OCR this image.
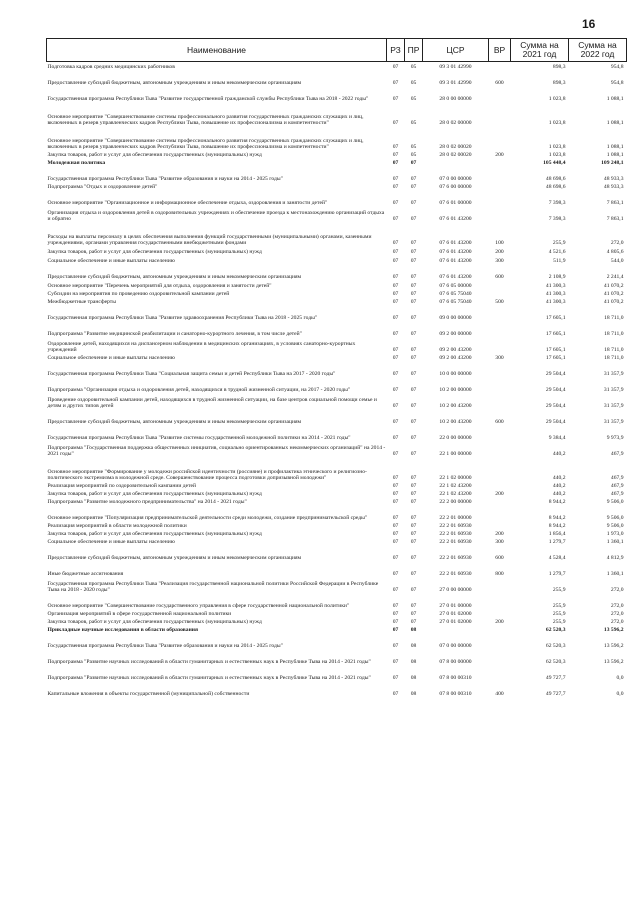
16
Наименование	РЗ	ПР	ЦСР	ВР	Сумма на 2021 год	Сумма на 2022 год
Подготовка кадров средних медицинских работников	07	05	09 3 01 42990		898,3	954,8
Предоставление субсидий бюджетным, автономным учреждениям и иным некоммерческим организациям	07	05	09 3 01 42990	600	898,3	954,8
Государственная программа Республики Тыва "Развитие государственной гражданской службы Республики Тыва на 2018 - 2022 годы"	07	05	28 0 00 00000		1 023,8	1 088,1
Основное мероприятие "Совершенствование системы профессионального развития государственных гражданских служащих и лиц, включенных в резерв управленческих кадров Республики Тыва, повышение их профессионализма и компетентности"	07	05	28 0 02 00000		1 023,8	1 088,1
Основное мероприятие "Совершенствование системы профессионального развития государственных гражданских служащих и лиц, включенных в резерв управленческих кадров Республики Тыва, повышение их профессионализма и компетентности"	07	05	28 0 02 00020		1 023,8	1 088,1
Закупка товаров, работ и услуг для обеспечения государственных (муниципальных) нужд	07	05	28 0 02 00020	200	1 023,8	1 088,1
Молодежная политика	07	07			105 448,4	109 248,1
Государственная программа Республики Тыва "Развитие образования и науки на 2014 - 2025 годы"	07	07	07 0 00 00000		48 698,6	48 933,3
Подпрограмма "Отдых и оздоровление детей"	07	07	07 6 00 00000		48 698,6	48 933,3
Основное мероприятие "Организационное и информационное обеспечение отдыха, оздоровления и занятости детей"	07	07	07 6 01 00000		7 398,3	7 863,1
Организация отдыха и оздоровления детей в оздоровительных учреждениях и обеспечение проезда к местонахождению организаций отдыха и обратно	07	07	07 6 01 43200		7 398,3	7 863,1
Расходы на выплаты персоналу в целях обеспечения выполнения функций государственными (муниципальными) органами, казенными учреждениями, органами управления государственными внебюджетными фондами	07	07	07 6 01 43200	100	255,9	272,0
Закупка товаров, работ и услуг для обеспечения государственных (муниципальных) нужд	07	07	07 6 01 43200	200	4 521,6	4 805,6
Социальное обеспечение и иные выплаты населению	07	07	07 6 01 43200	300	511,9	544,0
Предоставление субсидий бюджетным, автономным учреждениям и иным некоммерческим организациям	07	07	07 6 01 43200	600	2 108,9	2 241,4
Основное мероприятие "Перечень мероприятий для отдыха, оздоровления и занятости детей"	07	07	07 6 05 00000		41 300,3	41 070,2
Субсидии на мероприятия по проведению оздоровительной кампании детей	07	07	07 6 05 75040		41 300,3	41 070,2
Межбюджетные трансферты	07	07	07 6 05 75040	500	41 300,3	41 070,2
Государственная программа Республики Тыва "Развитие здравоохранения Республики Тыва на 2018 - 2025 годы"	07	07	09 0 00 00000		17 605,1	18 711,0
Подпрограмма "Развитие медицинской реабилитации и санаторно-курортного лечения, в том числе детей"	07	07	09 2 00 00000		17 605,1	18 711,0
Оздоровление детей, находящихся на диспансерном наблюдении в медицинских организациях, в условиях санаторно-курортных учреждений	07	07	09 2 00 43200		17 605,1	18 711,0
Социальное обеспечение и иные выплаты населению	07	07	09 2 00 43200	300	17 605,1	18 711,0
Государственная программа Республики Тыва "Социальная защита семьи и детей Республики Тыва на 2017 - 2020 годы"	07	07	10 0 00 00000		29 504,4	31 357,9
Подпрограмма "Организация отдыха и оздоровления детей, находящихся в трудной жизненной ситуации, на 2017 - 2020 годы"	07	07	10 2 00 00000		29 504,4	31 357,9
Проведение оздоровительной кампании детей, находящихся в трудной жизненной ситуации, на базе центров социальной помощи семье и детям и других типов детей	07	07	10 2 00 43200		29 504,4	31 357,9
Предоставление субсидий бюджетным, автономным учреждениям и иным некоммерческим организациям	07	07	10 2 00 43200	600	29 504,4	31 357,9
Государственная программа Республики Тыва "Развитие системы государственной молодежной политики на 2014 - 2021 годы"	07	07	22 0 00 00000		9 384,4	9 973,9
Подпрограмма "Государственная поддержка общественных инициатив, социально ориентированных некоммерческих организаций" на 2014 - 2021 годы"	07	07	22 1 00 00000		440,2	467,9
Основное мероприятие "Формирование у молодежи российской идентичности (россияне) и профилактика этнического и религиозно-политического экстремизма в молодежной среде. Совершенствование процесса подготовки допризывной молодежи"	07	07	22 1 02 00000		440,2	467,9
Реализация мероприятий по оздоровительной кампании детей	07	07	22 1 02 43200		440,2	467,9
Закупка товаров, работ и услуг для обеспечения государственных (муниципальных) нужд	07	07	22 1 02 43200	200	440,2	467,9
Подпрограмма "Развитие молодежного предпринимательства" на 2014 - 2021 годы"	07	07	22 2 00 00000		8 944,2	9 506,0
Основное мероприятие "Популяризация предпринимательской деятельности среди молодежи, создание предпринимательской среды"	07	07	22 2 01 00000		8 944,2	9 506,0
Реализация мероприятий в области молодежной политики	07	07	22 2 01 60930		8 944,2	9 506,0
Закупка товаров, работ и услуг для обеспечения государственных (муниципальных) нужд	07	07	22 2 01 60930	200	1 856,4	1 973,0
Социальное обеспечение и иные выплаты населению	07	07	22 2 01 60930	300	1 279,7	1 360,1
Предоставление субсидий бюджетным, автономным учреждениям и иным некоммерческим организациям	07	07	22 2 01 60930	600	4 528,4	4 812,9
Иные бюджетные ассигнования	07	07	22 2 01 60930	800	1 279,7	1 360,1
Государственная программа Республики Тыва "Реализация государственной национальной политики Российской Федерации в Республике Тыва на 2018 - 2020 годы"	07	07	27 0 00 00000		255,9	272,0
Основное мероприятие "Совершенствование государственного управления в сфере государственной национальной политики"	07	07	27 0 01 00000		255,9	272,0
Организация мероприятий в сфере государственной национальной политики	07	07	27 0 01 02000		255,9	272,0
Закупка товаров, работ и услуг для обеспечения государственных (муниципальных) нужд	07	07	27 0 01 02000	200	255,9	272,0
Прикладные научные исследования в области образования	07	08			62 520,3	13 596,2
Государственная программа Республики Тыва "Развитие образования и науки на 2014 - 2025 годы"	07	08	07 0 00 00000		62 520,3	13 596,2
Подпрограмма "Развитие научных исследований в области гуманитарных и естественных наук в Республике Тыва на 2014 - 2021 годы"	07	08	07 8 00 00000		62 520,3	13 596,2
Подпрограмма "Развитие научных исследований в области гуманитарных и естественных наук в Республике Тыва на 2014 - 2021 годы"	07	08	07 8 00 00310		49 727,7	0,0
Капитальные вложения в объекты государственной (муниципальной) собственности	07	08	07 8 00 00310	400	49 727,7	0,0
